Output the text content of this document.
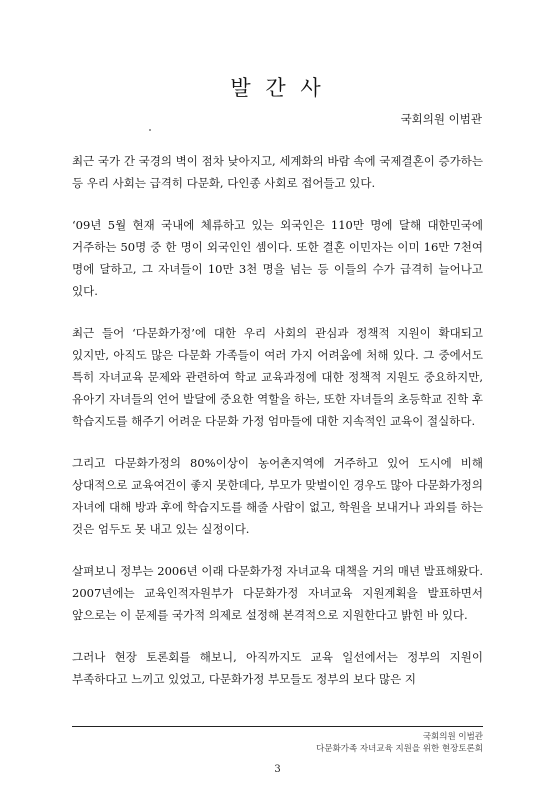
발 간 사
국회의원 이범관

최근 국가 간 국경의 벽이 점차 낮아지고, 세계화의 바람 속에 국제결혼이 증가하는 등 우리 사회는 급격히 다문화, 다인종 사회로 접어들고 있다.

‘09년 5월 현재 국내에 체류하고 있는 외국인은 110만 명에 달해 대한민국에 거주하는 50명 중 한 명이 외국인인 셈이다. 또한 결혼 이민자는 이미 16만 7천여 명에 달하고, 그 자녀들이 10만 3천 명을 넘는 등 이들의 수가 급격히 늘어나고 있다.

최근 들어 ‘다문화가정’에 대한 우리 사회의 관심과 정책적 지원이 확대되고 있지만, 아직도 많은 다문화 가족들이 여러 가지 어려움에 처해 있다. 그 중에서도 특히 자녀교육 문제와 관련하여 학교 교육과정에 대한 정책적 지원도 중요하지만, 유아기 자녀들의 언어 발달에 중요한 역할을 하는, 또한 자녀들의 초등학교 진학 후 학습지도를 해주기 어려운 다문화 가정 엄마들에 대한 지속적인 교육이 절실하다.

그리고 다문화가정의 80%이상이 농어촌지역에 거주하고 있어 도시에 비해 상대적으로 교육여건이 좋지 못한데다, 부모가 맞벌이인 경우도 많아 다문화가정의 자녀에 대해 방과 후에 학습지도를 해줄 사람이 없고, 학원을 보내거나 과외를 하는 것은 엄두도 못 내고 있는 실정이다.

살펴보니 정부는 2006년 이래 다문화가정 자녀교육 대책을 거의 매년 발표해왔다. 2007년에는 교육인적자원부가 다문화가정 자녀교육 지원계획을 발표하면서 앞으로는 이 문제를 국가적 의제로 설정해 본격적으로 지원한다고 밝힌 바 있다.

그러나 현장 토론회를 해보니, 아직까지도 교육 일선에서는 정부의 지원이 부족하다고 느끼고 있었고, 다문화가정 부모들도 정부의 보다 많은 지

국회의원 이범관
다문화가족 자녀교육 지원을 위한 현장토론회
3
